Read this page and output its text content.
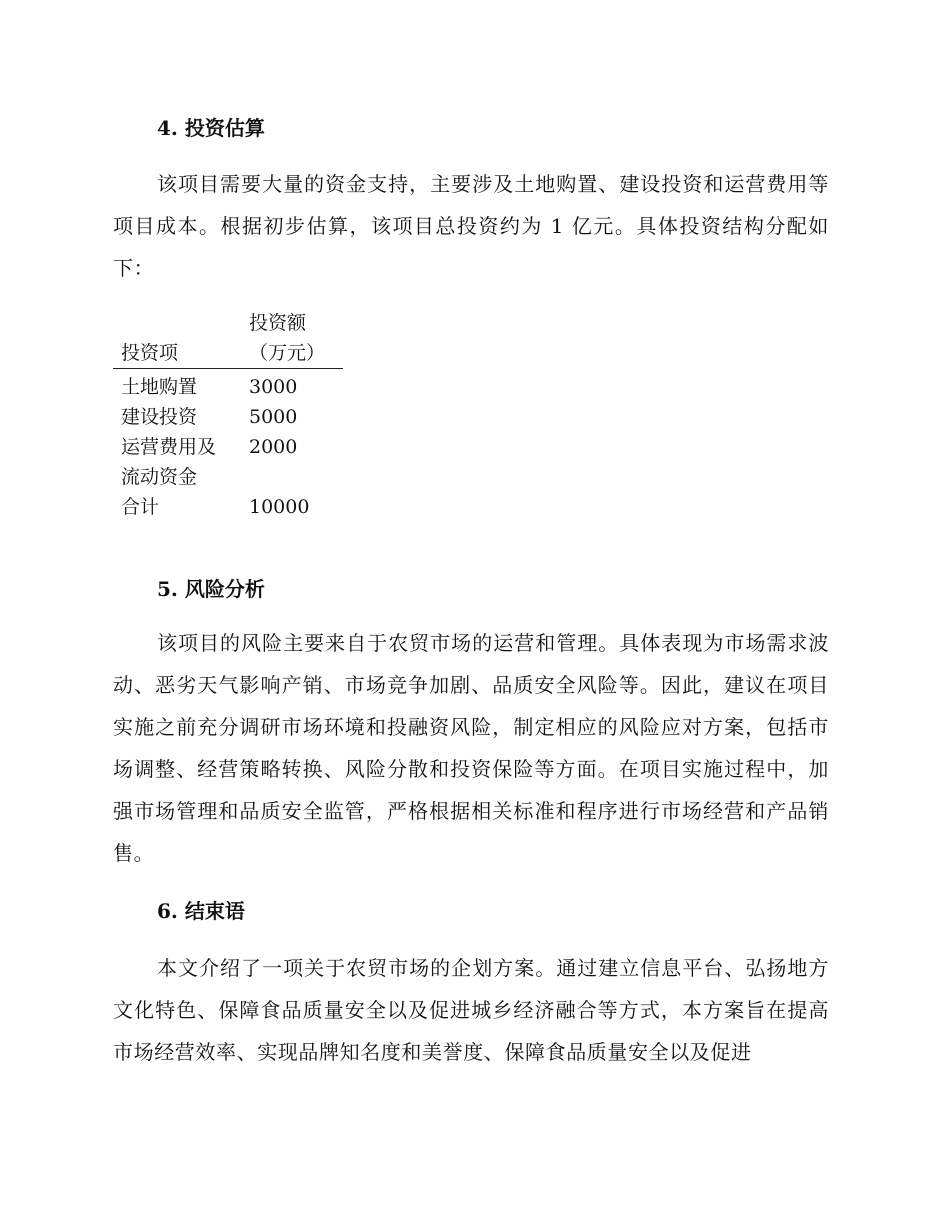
4. 投资估算

该项目需要大量的资金支持，主要涉及土地购置、建设投资和运营费用等项目成本。根据初步估算，该项目总投资约为 1 亿元。具体投资结构分配如下：

投资项	投资额（万元）

土地购置	3000
建设投资	5000

运营费用及流动资金	2000
合计	10000
5. 风险分析

该项目的风险主要来自于农贸市场的运营和管理。具体表现为市场需求波动、恶劣天气影响产销、市场竞争加剧、品质安全风险等。因此，建议在项目实施之前充分调研市场环境和投融资风险，制定相应的风险应对方案，包括市场调整、经营策略转换、风险分散和投资保险等方面。在项目实施过程中，加强市场管理和品质安全监管，严格根据相关标准和程序进行市场经营和产品销售。

6. 结束语

本文介绍了一项关于农贸市场的企划方案。通过建立信息平台、弘扬地方文化特色、保障食品质量安全以及促进城乡经济融合等方式，本方案旨在提高市场经营效率、实现品牌知名度和美誉度、保障食品质量安全以及促进
